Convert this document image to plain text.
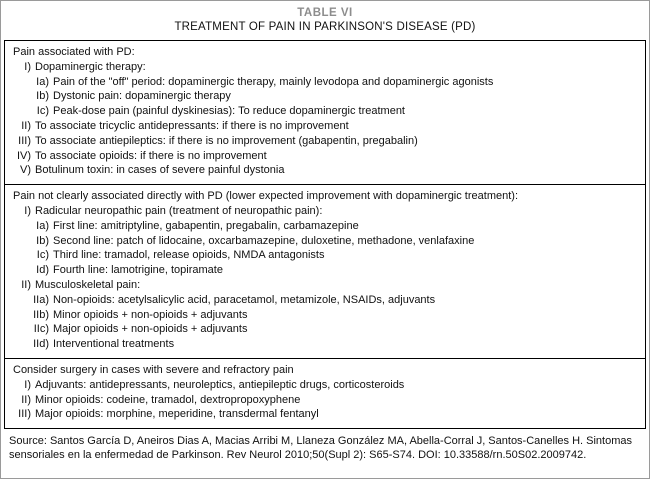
TABLE VI
TREATMENT OF PAIN IN PARKINSON'S DISEASE (PD)
Pain associated with PD:
I) Dopaminergic therapy:
Ia) Pain of the "off" period: dopaminergic therapy, mainly levodopa and dopaminergic agonists
Ib) Dystonic pain: dopaminergic therapy
Ic) Peak-dose pain (painful dyskinesias): To reduce dopaminergic treatment
II) To associate tricyclic antidepressants: if there is no improvement
III) To associate antiepileptics: if there is no improvement (gabapentin, pregabalin)
IV) To associate opioids: if there is no improvement
V) Botulinum toxin: in cases of severe painful dystonia
Pain not clearly associated directly with PD (lower expected improvement with dopaminergic treatment):
I) Radicular neuropathic pain (treatment of neuropathic pain):
Ia) First line: amitriptyline, gabapentin, pregabalin, carbamazepine
Ib) Second line: patch of lidocaine, oxcarbamazepine, duloxetine, methadone, venlafaxine
Ic) Third line: tramadol, release opioids, NMDA antagonists
Id) Fourth line: lamotrigine, topiramate
II) Musculoskeletal pain:
IIa) Non-opioids: acetylsalicylic acid, paracetamol, metamizole, NSAIDs, adjuvants
IIb) Minor opioids + non-opioids + adjuvants
IIc) Major opioids + non-opioids + adjuvants
IId) Interventional treatments
Consider surgery in cases with severe and refractory pain
I) Adjuvants: antidepressants, neuroleptics, antiepileptic drugs, corticosteroids
II) Minor opioids: codeine, tramadol, dextropropoxyphene
III) Major opioids: morphine, meperidine, transdermal fentanyl
Source: Santos García D, Aneiros Dias A, Macias Arribi M, Llaneza González MA, Abella-Corral J, Santos-Canelles H. Sintomas sensoriales en la enfermedad de Parkinson. Rev Neurol 2010;50(Supl 2): S65-S74. DOI: 10.33588/rn.50S02.2009742.
